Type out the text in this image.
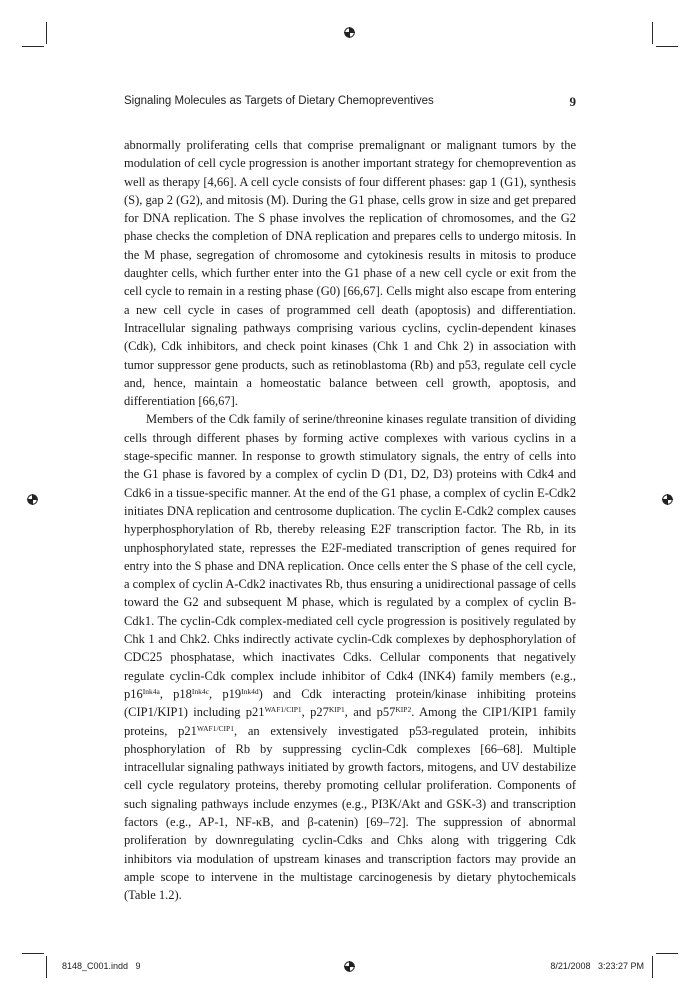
Signaling Molecules as Targets of Dietary Chemopreventives	9

abnormally proliferating cells that comprise premalignant or malignant tumors by the modulation of cell cycle progression is another important strategy for chemoprevention as well as therapy [4,66]. A cell cycle consists of four different phases: gap 1 (G1), synthesis (S), gap 2 (G2), and mitosis (M). During the G1 phase, cells grow in size and get prepared for DNA replication. The S phase involves the replication of chromosomes, and the G2 phase checks the completion of DNA replication and prepares cells to undergo mitosis. In the M phase, segregation of chromosome and cytokinesis results in mitosis to produce daughter cells, which further enter into the G1 phase of a new cell cycle or exit from the cell cycle to remain in a resting phase (G0) [66,67]. Cells might also escape from entering a new cell cycle in cases of programmed cell death (apoptosis) and differentiation. Intracellular signaling pathways comprising various cyclins, cyclin-dependent kinases (Cdk), Cdk inhibitors, and check point kinases (Chk 1 and Chk 2) in association with tumor suppressor gene products, such as retinoblastoma (Rb) and p53, regulate cell cycle and, hence, maintain a homeostatic balance between cell growth, apoptosis, and differentiation [66,67].

Members of the Cdk family of serine/threonine kinases regulate transition of dividing cells through different phases by forming active complexes with various cyclins in a stage-specific manner. In response to growth stimulatory signals, the entry of cells into the G1 phase is favored by a complex of cyclin D (D1, D2, D3) proteins with Cdk4 and Cdk6 in a tissue-specific manner. At the end of the G1 phase, a complex of cyclin E-Cdk2 initiates DNA replication and centrosome duplication. The cyclin E-Cdk2 complex causes hyperphosphorylation of Rb, thereby releasing E2F transcription factor. The Rb, in its unphosphorylated state, represses the E2F-mediated transcription of genes required for entry into the S phase and DNA replication. Once cells enter the S phase of the cell cycle, a complex of cyclin A-Cdk2 inactivates Rb, thus ensuring a unidirectional passage of cells toward the G2 and subsequent M phase, which is regulated by a complex of cyclin B-Cdk1. The cyclin-Cdk complex-mediated cell cycle progression is positively regulated by Chk 1 and Chk2. Chks indirectly activate cyclin-Cdk complexes by dephosphorylation of CDC25 phosphatase, which inactivates Cdks. Cellular components that negatively regulate cyclin-Cdk complex include inhibitor of Cdk4 (INK4) family members (e.g., $p16^{Ink4a}$, $p18^{Ink4c}$, $p19^{Ink4d}$) and Cdk interacting protein/kinase inhibiting proteins (CIP1/KIP1) including $p21^{WAF1/CIP1}$, $p27^{KIP1}$, and $p57^{KIP2}$. Among the CIP1/KIP1 family proteins, $p21^{WAF1/CIP1}$, an extensively investigated p53-regulated protein, inhibits phosphorylation of Rb by suppressing cyclin-Cdk complexes [66–68]. Multiple intracellular signaling pathways initiated by growth factors, mitogens, and UV destabilize cell cycle regulatory proteins, thereby promoting cellular proliferation. Components of such signaling pathways include enzymes (e.g., PI3K/Akt and GSK-3) and transcription factors (e.g., AP-1, NF-κB, and β-catenin) [69–72]. The suppression of abnormal proliferation by downregulating cyclin-Cdks and Chks along with triggering Cdk inhibitors via modulation of upstream kinases and transcription factors may provide an ample scope to intervene in the multistage carcinogenesis by dietary phytochemicals (Table 1.2).

8148_C001.indd   9	8/21/2008   3:23:27 PM
